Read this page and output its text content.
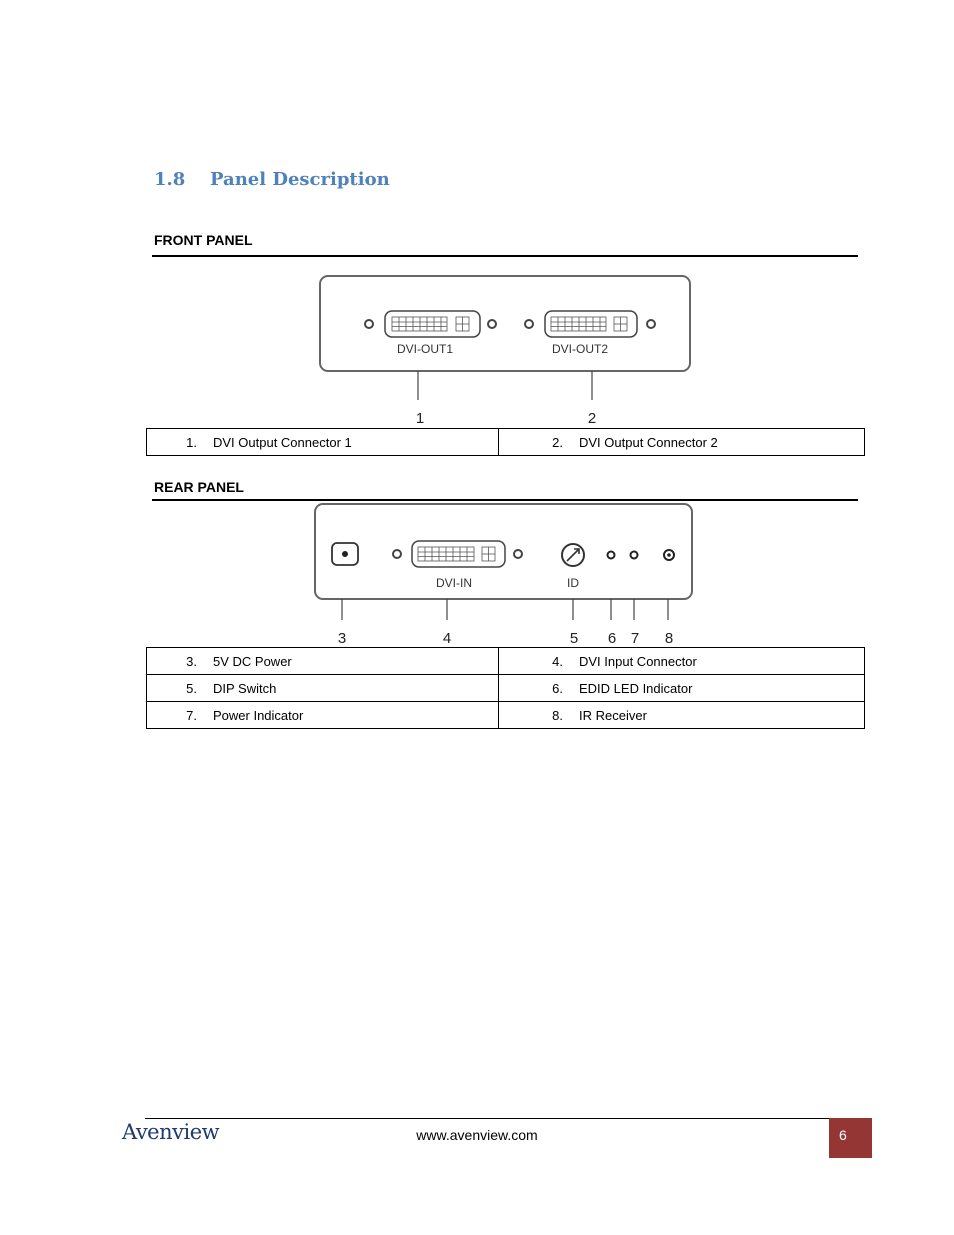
1.8 Panel Description
FRONT PANEL
DVI-OUT1	DVI-OUT2
1	2
1. DVI Output Connector 1	2. DVI Output Connector 2
REAR PANEL
DVI-IN	ID
3	4	5 6 7 8
3. 5V DC Power	4. DVI Input Connector
5. DIP Switch	6. EDID LED Indicator
7. Power Indicator	8. IR Receiver
Avenview	www.avenview.com	6
